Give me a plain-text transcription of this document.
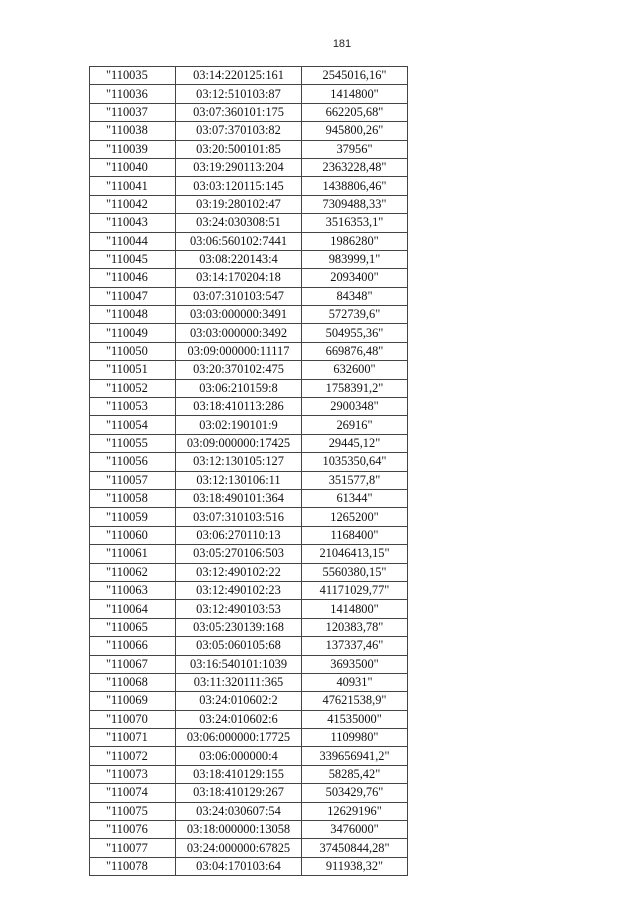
181
"110035	03:14:220125:161	2545016,16"
"110036	03:12:510103:87	1414800"
"110037	03:07:360101:175	662205,68"
"110038	03:07:370103:82	945800,26"
"110039	03:20:500101:85	37956"
"110040	03:19:290113:204	2363228,48"
"110041	03:03:120115:145	1438806,46"
"110042	03:19:280102:47	7309488,33"
"110043	03:24:030308:51	3516353,1"
"110044	03:06:560102:7441	1986280"
"110045	03:08:220143:4	983999,1"
"110046	03:14:170204:18	2093400"
"110047	03:07:310103:547	84348"
"110048	03:03:000000:3491	572739,6"
"110049	03:03:000000:3492	504955,36"
"110050	03:09:000000:11117	669876,48"
"110051	03:20:370102:475	632600"
"110052	03:06:210159:8	1758391,2"
"110053	03:18:410113:286	2900348"
"110054	03:02:190101:9	26916"
"110055	03:09:000000:17425	29445,12"
"110056	03:12:130105:127	1035350,64"
"110057	03:12:130106:11	351577,8"
"110058	03:18:490101:364	61344"
"110059	03:07:310103:516	1265200"
"110060	03:06:270110:13	1168400"
"110061	03:05:270106:503	21046413,15"
"110062	03:12:490102:22	5560380,15"
"110063	03:12:490102:23	41171029,77"
"110064	03:12:490103:53	1414800"
"110065	03:05:230139:168	120383,78"
"110066	03:05:060105:68	137337,46"
"110067	03:16:540101:1039	3693500"
"110068	03:11:320111:365	40931"
"110069	03:24:010602:2	47621538,9"
"110070	03:24:010602:6	41535000"
"110071	03:06:000000:17725	1109980"
"110072	03:06:000000:4	339656941,2"
"110073	03:18:410129:155	58285,42"
"110074	03:18:410129:267	503429,76"
"110075	03:24:030607:54	12629196"
"110076	03:18:000000:13058	3476000"
"110077	03:24:000000:67825	37450844,28"
"110078	03:04:170103:64	911938,32"
